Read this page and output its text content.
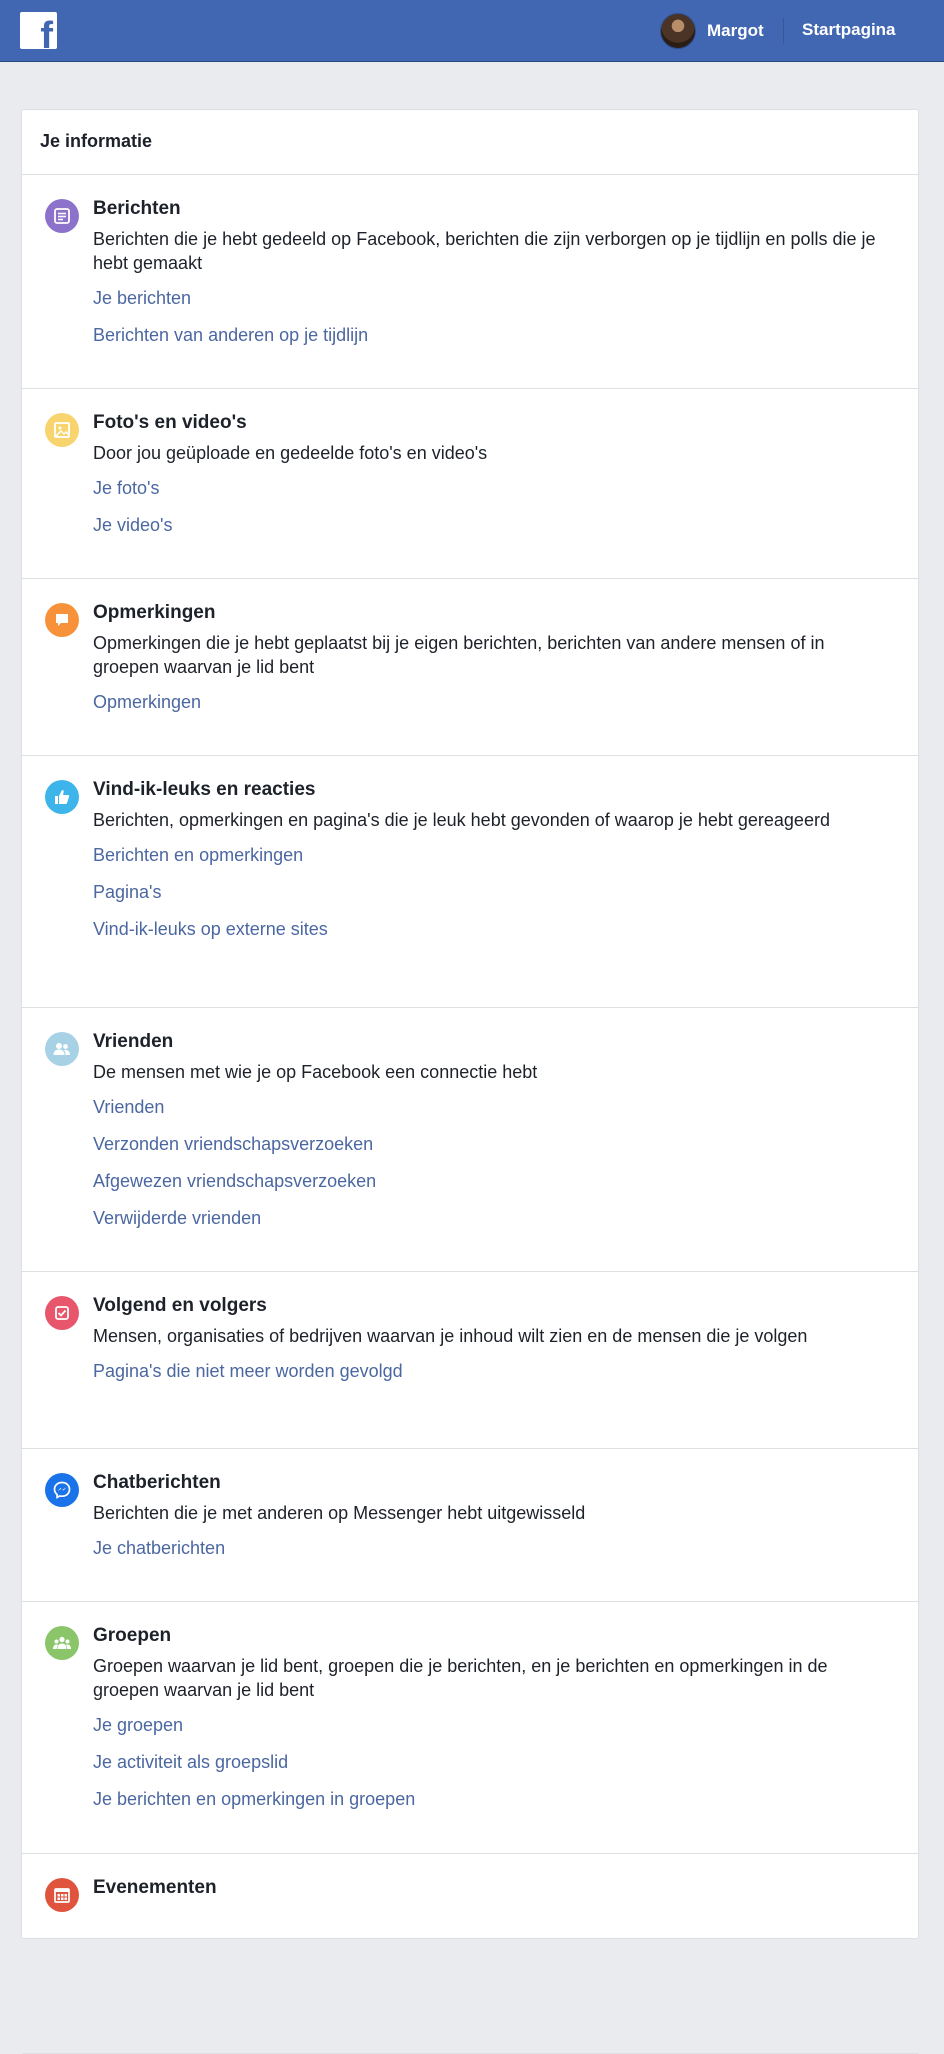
f	Margot Startpagina
Je informatie
Berichten
Berichten die je hebt gedeeld op Facebook, berichten die zijn verborgen op je tijdlijn en polls die je hebt gemaakt
Je berichten
Berichten van anderen op je tijdlijn
Foto's en video's
Door jou geüploade en gedeelde foto's en video's
Je foto's
Je video's
Opmerkingen
Opmerkingen die je hebt geplaatst bij je eigen berichten, berichten van andere mensen of in groepen waarvan je lid bent
Opmerkingen
Vind-ik-leuks en reacties
Berichten, opmerkingen en pagina's die je leuk hebt gevonden of waarop je hebt gereageerd
Berichten en opmerkingen
Pagina's
Vind-ik-leuks op externe sites
Vrienden
De mensen met wie je op Facebook een connectie hebt
Vrienden
Verzonden vriendschapsverzoeken
Afgewezen vriendschapsverzoeken
Verwijderde vrienden
Volgend en volgers
Mensen, organisaties of bedrijven waarvan je inhoud wilt zien en de mensen die je volgen
Pagina's die niet meer worden gevolgd
Chatberichten
Berichten die je met anderen op Messenger hebt uitgewisseld
Je chatberichten
Groepen
Groepen waarvan je lid bent, groepen die je berichten, en je berichten en opmerkingen in de groepen waarvan je lid bent
Je groepen
Je activiteit als groepslid
Je berichten en opmerkingen in groepen
Evenementen
